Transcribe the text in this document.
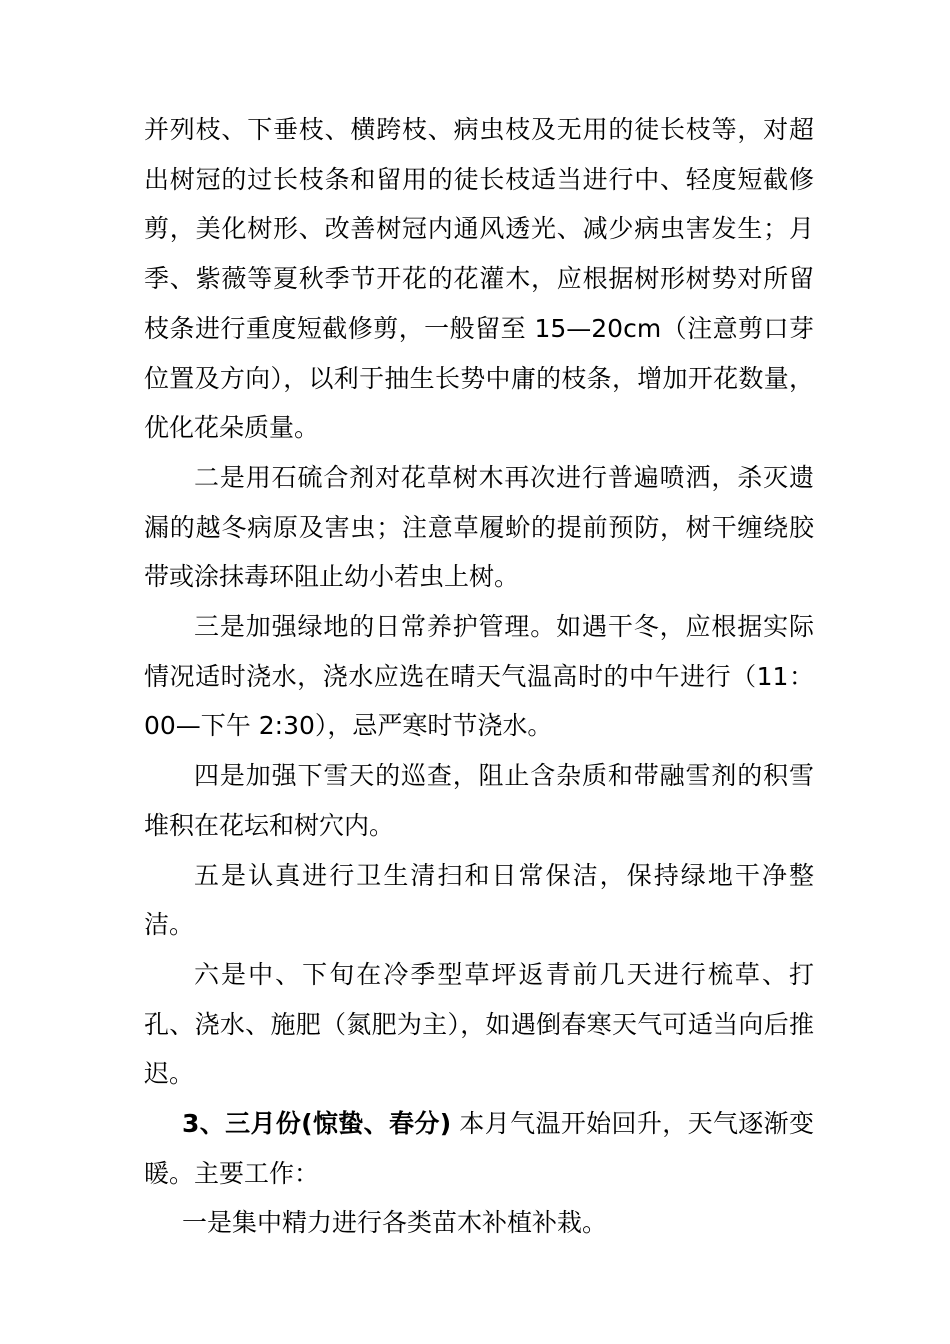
并列枝、下垂枝、横跨枝、病虫枝及无用的徒长枝等，对超出树冠的过长枝条和留用的徒长枝适当进行中、轻度短截修剪，美化树形、改善树冠内通风透光、减少病虫害发生；月季、紫薇等夏秋季节开花的花灌木，应根据树形树势对所留枝条进行重度短截修剪，一般留至 15—20cm（注意剪口芽位置及方向），以利于抽生长势中庸的枝条，增加开花数量，优化花朵质量。

二是用石硫合剂对花草树木再次进行普遍喷洒，杀灭遗漏的越冬病原及害虫；注意草履蚧的提前预防，树干缠绕胶带或涂抹毒环阻止幼小若虫上树。

三是加强绿地的日常养护管理。如遇干冬，应根据实际情况适时浇水，浇水应选在晴天气温高时的中午进行（11：00—下午 2:30），忌严寒时节浇水。

四是加强下雪天的巡查，阻止含杂质和带融雪剂的积雪堆积在花坛和树穴内。

五是认真进行卫生清扫和日常保洁，保持绿地干净整洁。

六是中、下旬在冷季型草坪返青前几天进行梳草、打孔、浇水、施肥（氮肥为主），如遇倒春寒天气可适当向后推迟。

3、三月份(惊蛰、春分) 本月气温开始回升，天气逐渐变暖。主要工作：

一是集中精力进行各类苗木补植补栽。
